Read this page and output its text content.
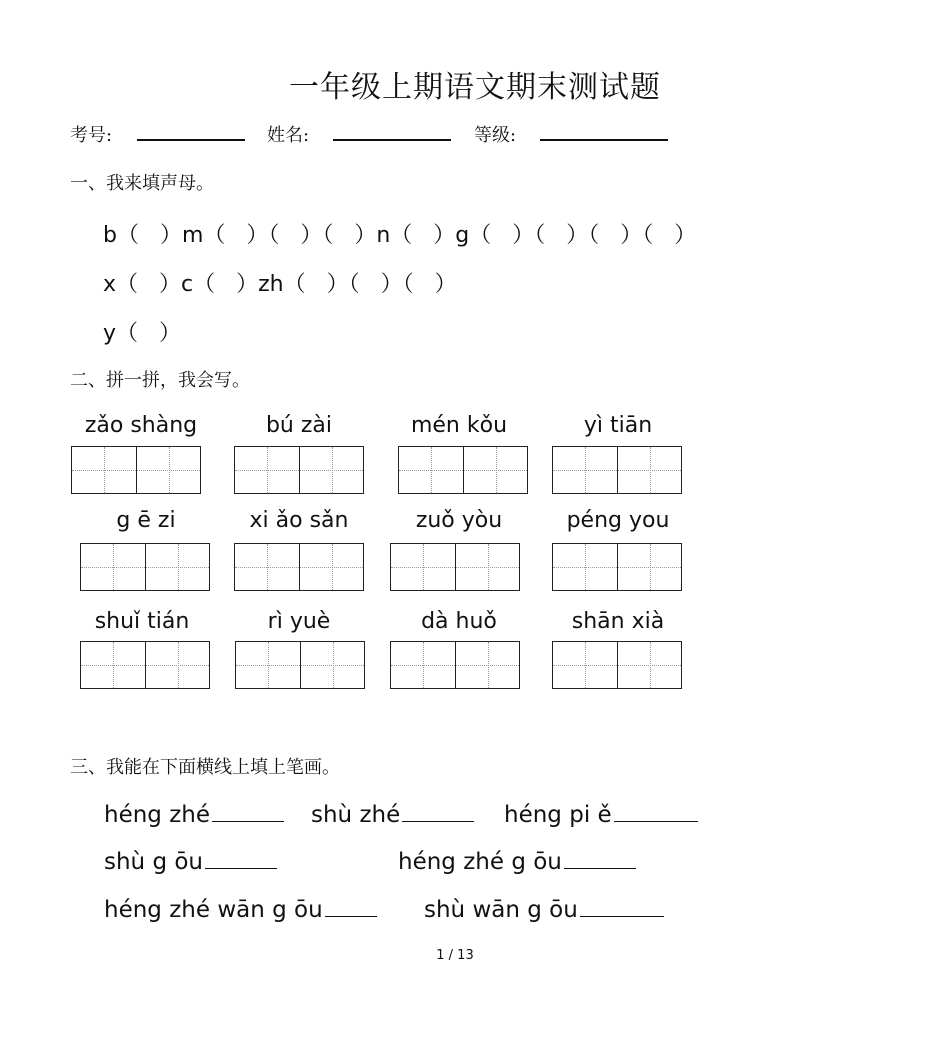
一年级上期语文期末测试题
考号:	姓名:	等级:
一、我来填声母。
b（ ）m（ ）（ ）（ ）n（ ）g（ ）（ ）（ ）（ ）
x（ ）c（ ）zh（ ）（ ）（ ）
y（ ）
二、拼一拼，我会写。
zǎo shàng	bú zài	mén kǒu	yì tiān
g ē zi	xi ǎo sǎn	zuǒ yòu	péng you
shuǐ tián	rì yuè	dà huǒ	shān xià
三、我能在下面横线上填上笔画。
héng zhé	shù zhé	héng pi ě
shù g ōu	héng zhé g ōu
héng zhé wān g ōu	shù wān g ōu
1 / 13
